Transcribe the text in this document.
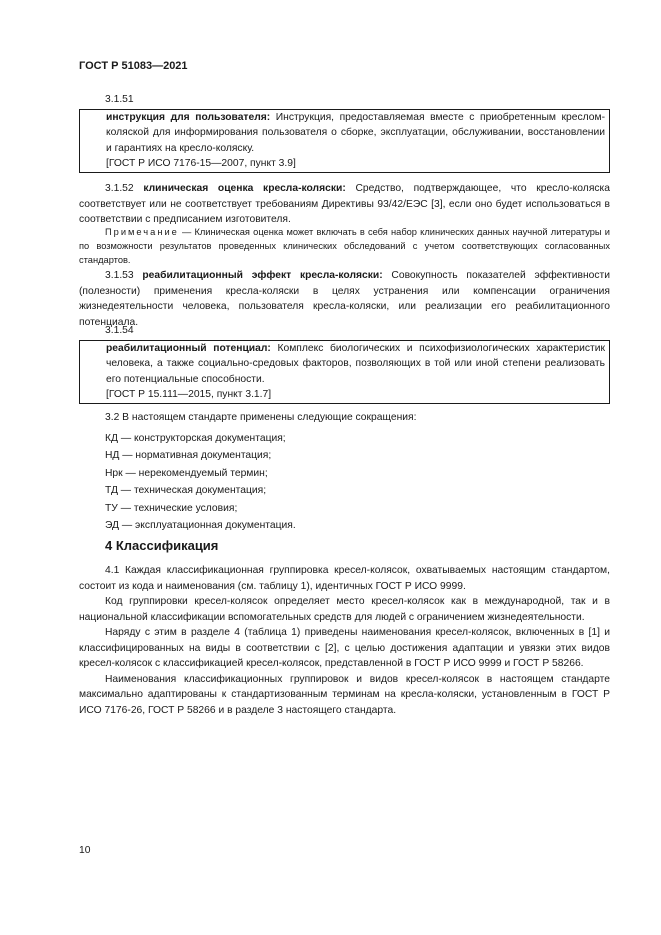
ГОСТ Р 51083—2021

3.1.51

инструкция для пользователя: Инструкция, предоставляемая вместе с приобретенным креслом-коляской для информирования пользователя о сборке, эксплуатации, обслуживании, восстановлении и гарантиях на кресло-коляску.

[ГОСТ Р ИСО 7176-15—2007, пункт 3.9]

3.1.52 клиническая оценка кресла-коляски: Средство, подтверждающее, что кресло-коляска соответствует или не соответствует требованиям Директивы 93/42/ЕЭС [3], если оно будет использоваться в соответствии с предписанием изготовителя.

Примечание — Клиническая оценка может включать в себя набор клинических данных научной литературы и по возможности результатов проведенных клинических обследований с учетом соответствующих согласованных стандартов.

3.1.53 реабилитационный эффект кресла-коляски: Совокупность показателей эффективности (полезности) применения кресла-коляски в целях устранения или компенсации ограничения жизнедеятельности человека, пользователя кресла-коляски, или реализации его реабилитационного потенциала.

3.1.54

реабилитационный потенциал: Комплекс биологических и психофизиологических характеристик человека, а также социально-средовых факторов, позволяющих в той или иной степени реализовать его потенциальные способности.

[ГОСТ Р 15.111—2015, пункт 3.1.7]

3.2 В настоящем стандарте применены следующие сокращения:

КД — конструкторская документация;

НД — нормативная документация;

Нрк — нерекомендуемый термин;

ТД — техническая документация;

ТУ — технические условия;

ЭД — эксплуатационная документация.

4 Классификация

4.1 Каждая классификационная группировка кресел-колясок, охватываемых настоящим стандартом, состоит из кода и наименования (см. таблицу 1), идентичных ГОСТ Р ИСО 9999.

Код группировки кресел-колясок определяет место кресел-колясок как в международной, так и в национальной классификации вспомогательных средств для людей с ограничением жизнедеятельности.

Наряду с этим в разделе 4 (таблица 1) приведены наименования кресел-колясок, включенных в [1] и классифицированных на виды в соответствии с [2], с целью достижения адаптации и увязки этих видов кресел-колясок с классификацией кресел-колясок, представленной в ГОСТ Р ИСО 9999 и ГОСТ Р 58266.

Наименования классификационных группировок и видов кресел-колясок в настоящем стандарте максимально адаптированы к стандартизованным терминам на кресла-коляски, установленным в ГОСТ Р ИСО 7176-26, ГОСТ Р 58266 и в разделе 3 настоящего стандарта.

10
